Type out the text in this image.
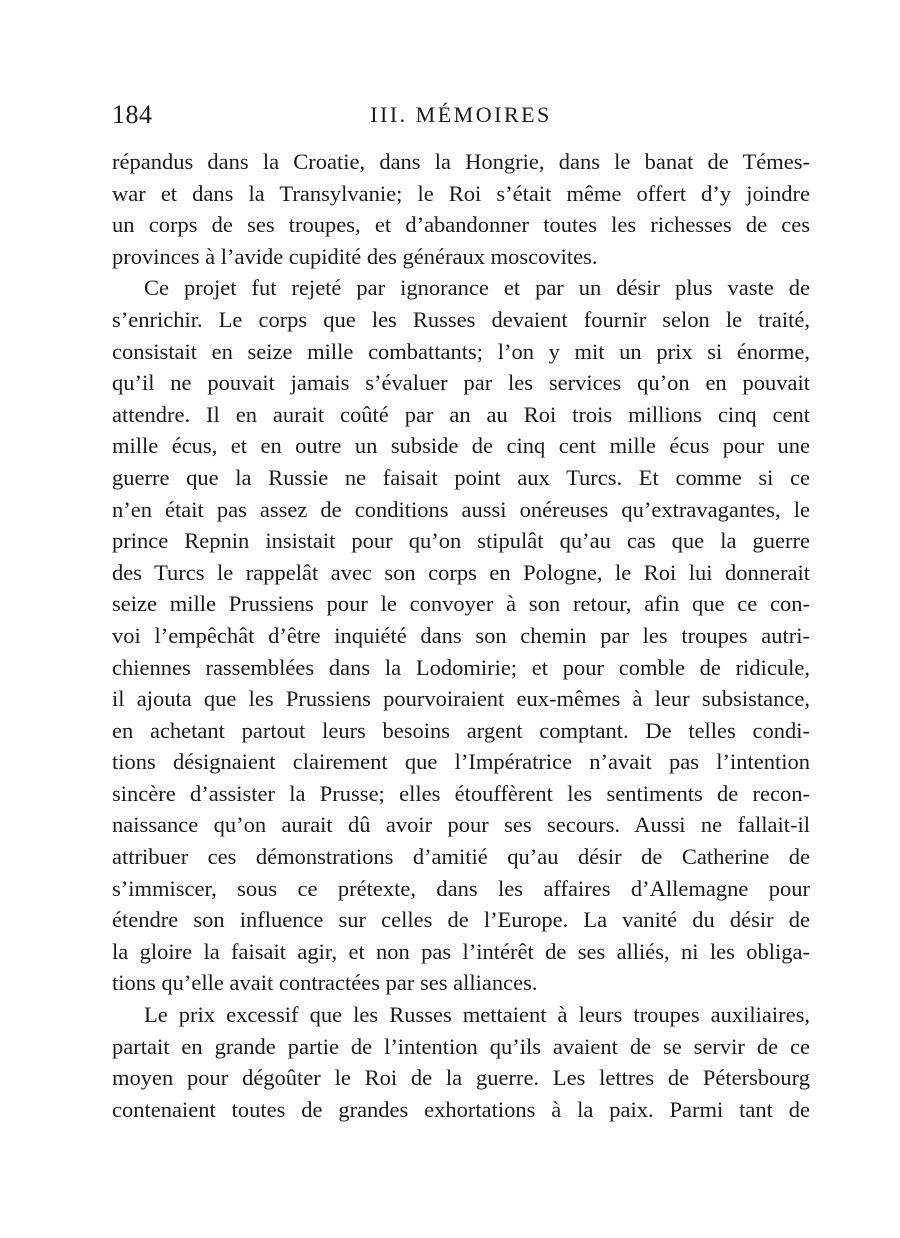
184	III. MÉMOIRES
répandus dans la Croatie, dans la Hongrie, dans le banat de Témes-
war et dans la Transylvanie; le Roi s’était même offert d’y joindre
un corps de ses troupes, et d’abandonner toutes les richesses de ces
provinces à l’avide cupidité des généraux moscovites.
Ce projet fut rejeté par ignorance et par un désir plus vaste de
s’enrichir. Le corps que les Russes devaient fournir selon le traité,
consistait en seize mille combattants; l’on y mit un prix si énorme,
qu’il ne pouvait jamais s’évaluer par les services qu’on en pouvait
attendre. Il en aurait coûté par an au Roi trois millions cinq cent
mille écus, et en outre un subside de cinq cent mille écus pour une
guerre que la Russie ne faisait point aux Turcs. Et comme si ce
n’en était pas assez de conditions aussi onéreuses qu’extravagantes, le
prince Repnin insistait pour qu’on stipulât qu’au cas que la guerre
des Turcs le rappelât avec son corps en Pologne, le Roi lui donnerait
seize mille Prussiens pour le convoyer à son retour, afin que ce con-
voi l’empêchât d’être inquiété dans son chemin par les troupes autri-
chiennes rassemblées dans la Lodomirie; et pour comble de ridicule,
il ajouta que les Prussiens pourvoiraient eux-mêmes à leur subsistance,
en achetant partout leurs besoins argent comptant. De telles condi-
tions désignaient clairement que l’Impératrice n’avait pas l’intention
sincère d’assister la Prusse; elles étouffèrent les sentiments de recon-
naissance qu’on aurait dû avoir pour ses secours. Aussi ne fallait-il
attribuer ces démonstrations d’amitié qu’au désir de Catherine de
s’immiscer, sous ce prétexte, dans les affaires d’Allemagne pour
étendre son influence sur celles de l’Europe. La vanité du désir de
la gloire la faisait agir, et non pas l’intérêt de ses alliés, ni les obliga-
tions qu’elle avait contractées par ses alliances.
Le prix excessif que les Russes mettaient à leurs troupes auxiliaires,
partait en grande partie de l’intention qu’ils avaient de se servir de ce
moyen pour dégoûter le Roi de la guerre. Les lettres de Pétersbourg
contenaient toutes de grandes exhortations à la paix. Parmi tant de
